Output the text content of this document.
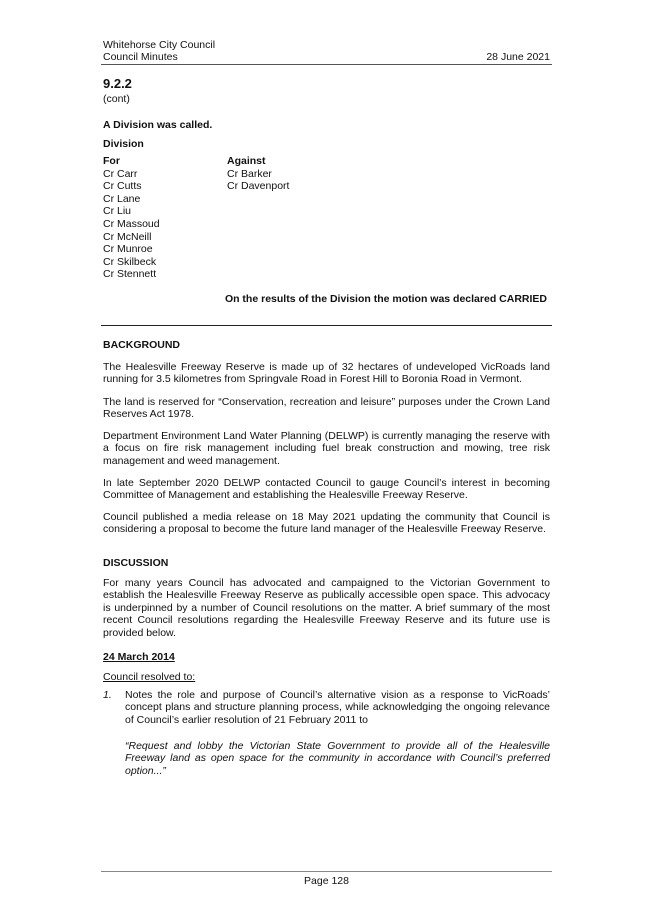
Whitehorse City Council
Council Minutes	28 June 2021
9.2.2
(cont)
A Division was called.
Division
For
Cr Carr
Cr Cutts
Cr Lane
Cr Liu
Cr Massoud
Cr McNeill
Cr Munroe
Cr Skilbeck
Cr Stennett
Against
Cr Barker
Cr Davenport
On the results of the Division the motion was declared CARRIED
BACKGROUND
The Healesville Freeway Reserve is made up of 32 hectares of undeveloped VicRoads land running for 3.5 kilometres from Springvale Road in Forest Hill to Boronia Road in Vermont.
The land is reserved for “Conservation, recreation and leisure” purposes under the Crown Land Reserves Act 1978.
Department Environment Land Water Planning (DELWP) is currently managing the reserve with a focus on fire risk management including fuel break construction and mowing, tree risk management and weed management.
In late September 2020 DELWP contacted Council to gauge Council’s interest in becoming Committee of Management and establishing the Healesville Freeway Reserve.
Council published a media release on 18 May 2021 updating the community that Council is considering a proposal to become the future land manager of the Healesville Freeway Reserve.
DISCUSSION
For many years Council has advocated and campaigned to the Victorian Government to establish the Healesville Freeway Reserve as publically accessible open space. This advocacy is underpinned by a number of Council resolutions on the matter. A brief summary of the most recent Council resolutions regarding the Healesville Freeway Reserve and its future use is provided below.
24 March 2014
Council resolved to:
1. Notes the role and purpose of Council’s alternative vision as a response to VicRoads’ concept plans and structure planning process, while acknowledging the ongoing relevance of Council’s earlier resolution of 21 February 2011 to
“Request and lobby the Victorian State Government to provide all of the Healesville Freeway land as open space for the community in accordance with Council’s preferred option...”
Page 128
